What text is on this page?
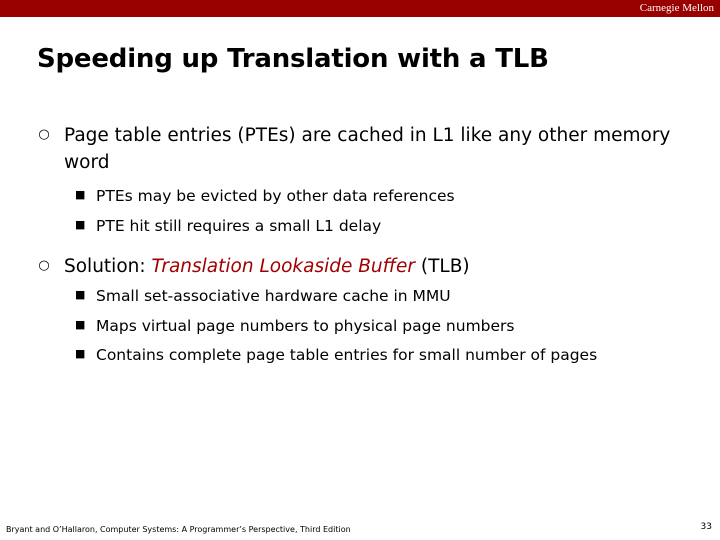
Carnegie Mellon
Speeding up Translation with a TLB
○ Page table entries (PTEs) are cached in L1 like any other memory word
■ PTEs may be evicted by other data references
■ PTE hit still requires a small L1 delay
○ Solution: Translation Lookaside Buffer (TLB)
■ Small set-associative hardware cache in MMU
■ Maps virtual page numbers to physical page numbers
■ Contains complete page table entries for small number of pages
Bryant and O’Hallaron, Computer Systems: A Programmer’s Perspective, Third Edition	33
